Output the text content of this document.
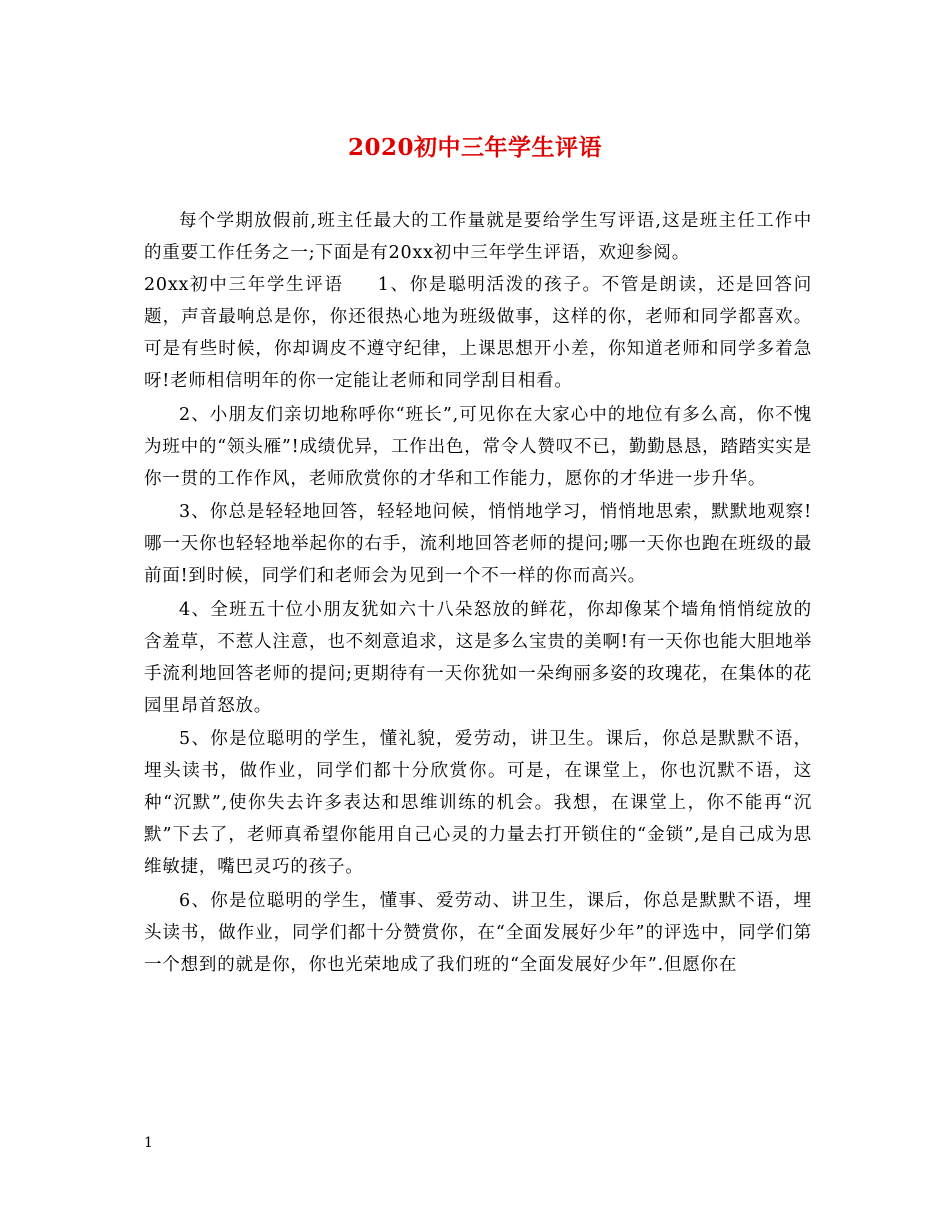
2020初中三年学生评语

每个学期放假前,班主任最大的工作量就是要给学生写评语,这是班主任工作中的重要工作任务之一;下面是有20xx初中三年学生评语，欢迎参阅。

20xx初中三年学生评语 1、你是聪明活泼的孩子。不管是朗读，还是回答问题，声音最响总是你，你还很热心地为班级做事，这样的你，老师和同学都喜欢。可是有些时候，你却调皮不遵守纪律，上课思想开小差，你知道老师和同学多着急呀!老师相信明年的你一定能让老师和同学刮目相看。

2、小朋友们亲切地称呼你“班长”,可见你在大家心中的地位有多么高，你不愧为班中的“领头雁”!成绩优异，工作出色，常令人赞叹不已，勤勤恳恳，踏踏实实是你一贯的工作作风，老师欣赏你的才华和工作能力，愿你的才华进一步升华。

3、你总是轻轻地回答，轻轻地问候，悄悄地学习，悄悄地思索，默默地观察!哪一天你也轻轻地举起你的右手，流利地回答老师的提问;哪一天你也跑在班级的最前面!到时候，同学们和老师会为见到一个不一样的你而高兴。

4、全班五十位小朋友犹如六十八朵怒放的鲜花，你却像某个墙角悄悄绽放的含羞草，不惹人注意，也不刻意追求，这是多么宝贵的美啊!有一天你也能大胆地举手流利地回答老师的提问;更期待有一天你犹如一朵绚丽多姿的玫瑰花，在集体的花园里昂首怒放。

5、你是位聪明的学生，懂礼貌，爱劳动，讲卫生。课后，你总是默默不语，埋头读书，做作业，同学们都十分欣赏你。可是，在课堂上，你也沉默不语，这种“沉默”,使你失去许多表达和思维训练的机会。我想，在课堂上，你不能再“沉默”下去了，老师真希望你能用自己心灵的力量去打开锁住的“金锁”,是自己成为思维敏捷，嘴巴灵巧的孩子。

6、你是位聪明的学生，懂事、爱劳动、讲卫生，课后，你总是默默不语，埋头读书，做作业，同学们都十分赞赏你，在“全面发展好少年”的评选中，同学们第一个想到的就是你，你也光荣地成了我们班的“全面发展好少年”.但愿你在

1
